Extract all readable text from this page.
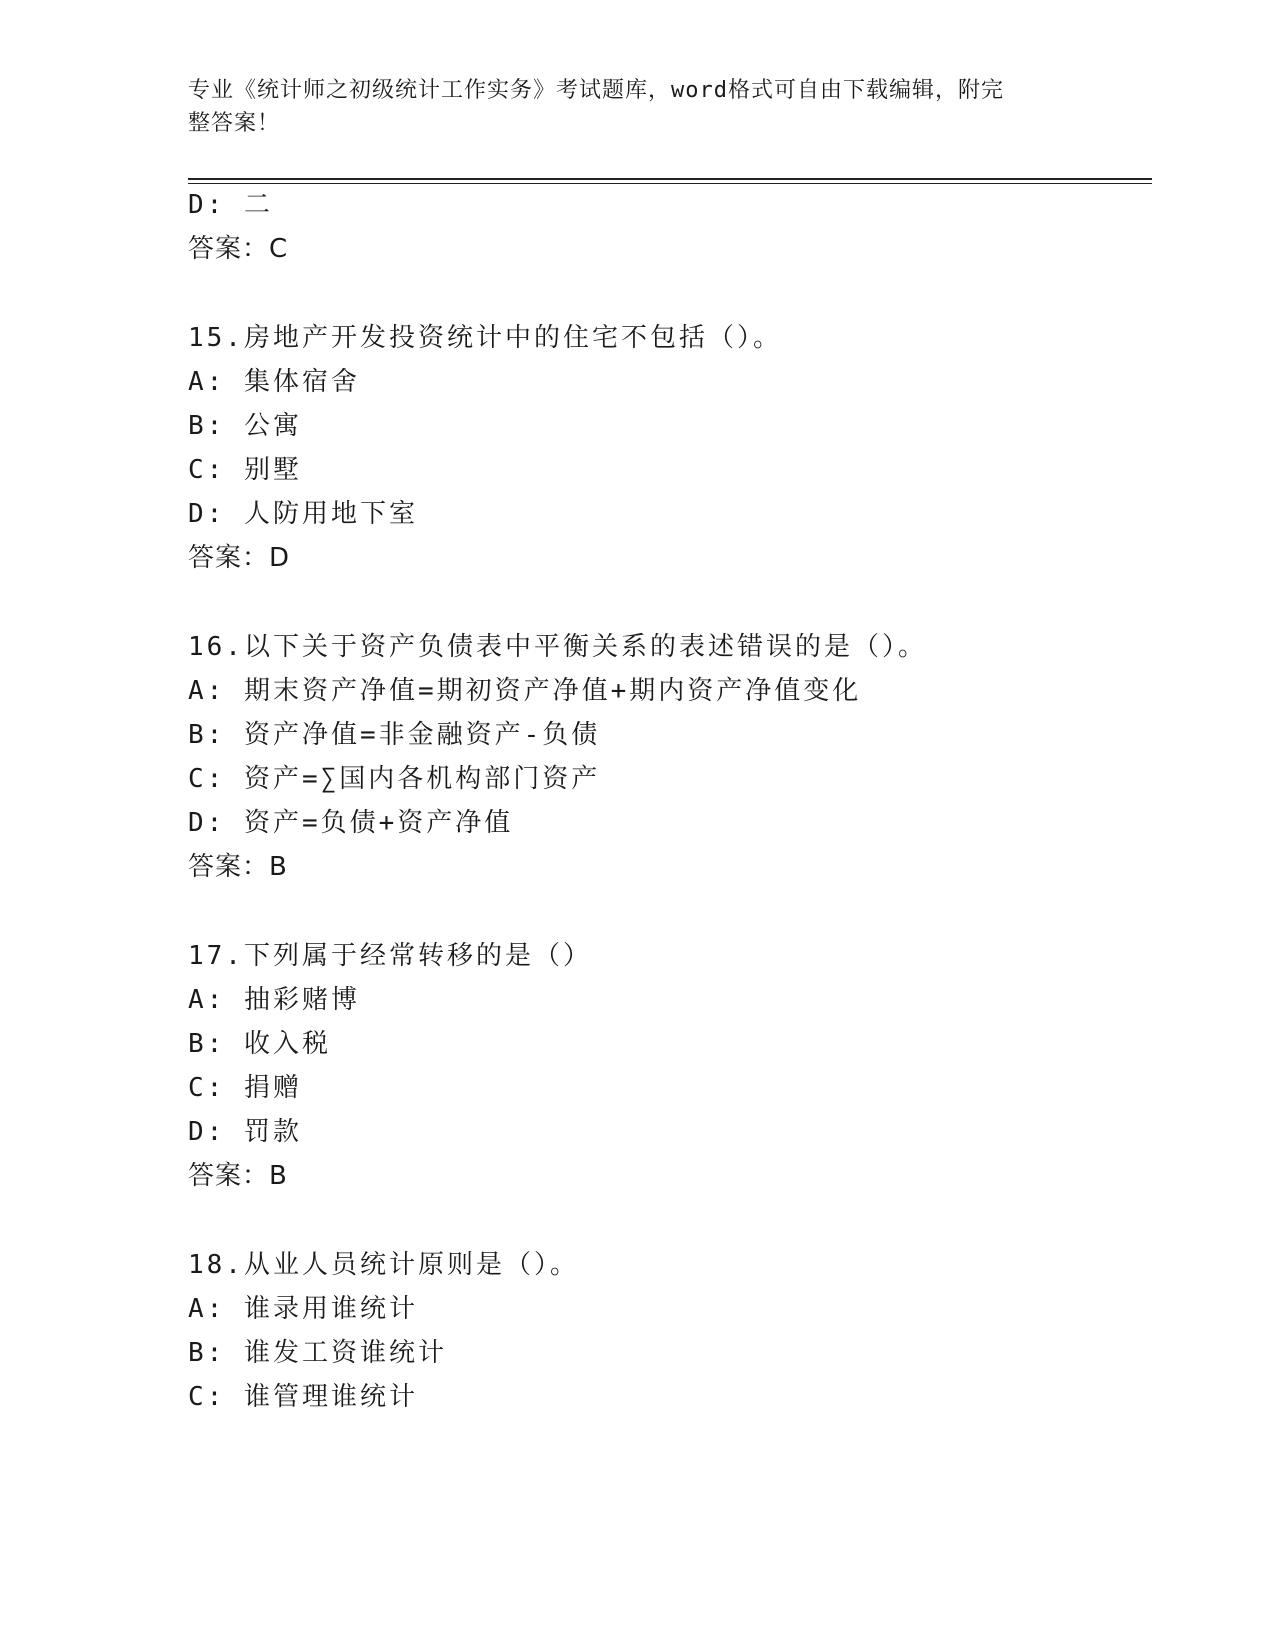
专业《统计师之初级统计工作实务》考试题库，word格式可自由下载编辑，附完
整答案！
D: 二
答案：C
15.房地产开发投资统计中的住宅不包括（）。
A: 集体宿舍
B: 公寓
C: 别墅
D: 人防用地下室
答案：D
16.以下关于资产负债表中平衡关系的表述错误的是（）。
A: 期末资产净值=期初资产净值+期内资产净值变化
B: 资产净值=非金融资产-负债
C: 资产=∑国内各机构部门资产
D: 资产=负债+资产净值
答案：B
17.下列属于经常转移的是（）
A: 抽彩赌博
B: 收入税
C: 捐赠
D: 罚款
答案：B
18.从业人员统计原则是（）。
A: 谁录用谁统计
B: 谁发工资谁统计
C: 谁管理谁统计
